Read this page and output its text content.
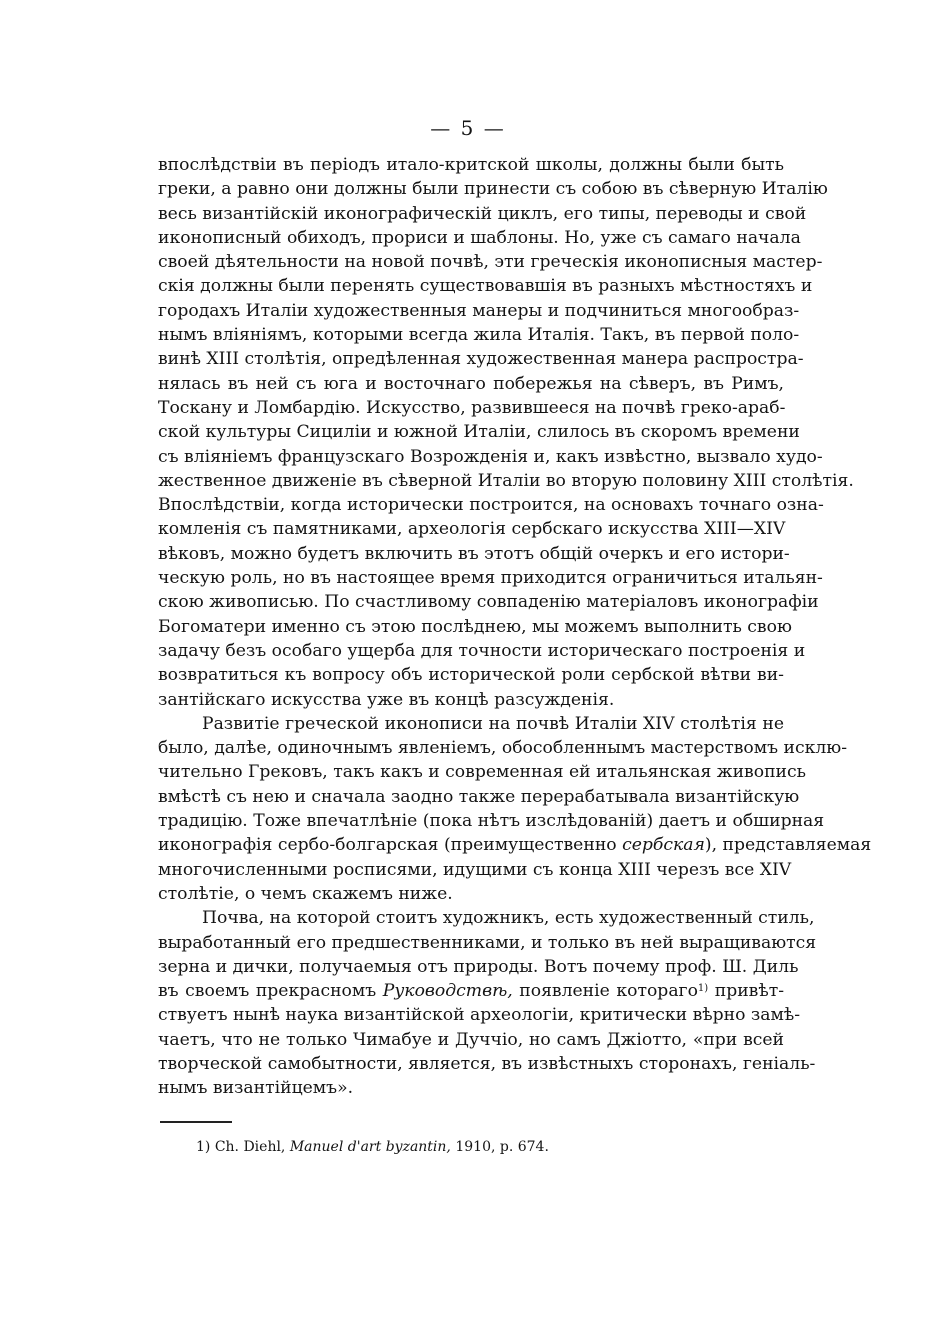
— 5 —
впослѣдствіи въ періодъ итало-критской школы, должны были быть
греки, а равно они должны были принести съ собою въ сѣверную Италію
весь византійскій иконографическій циклъ, его типы, переводы и свой
иконописный обиходъ, прориси и шаблоны. Но, уже съ самаго начала
своей дѣятельности на новой почвѣ, эти греческія иконописныя мастер-
скія должны были перенять существовавшія въ разныхъ мѣстностяхъ и
городахъ Италіи художественныя манеры и подчиниться многообраз-
нымъ вліяніямъ, которыми всегда жила Италія. Такъ, въ первой поло-
винѣ XIII столѣтія, опредѣленная художественная манера распростра-
нялась въ ней съ юга и восточнаго побережья на сѣверъ, въ Римъ,
Тоскану и Ломбардію. Искусство, развившееся на почвѣ греко-араб-
ской культуры Сициліи и южной Италіи, слилось въ скоромъ времени
съ вліяніемъ французскаго Возрожденія и, какъ извѣстно, вызвало худо-
жественное движеніе въ сѣверной Италіи во вторую половину XIII столѣтія.
Впослѣдствіи, когда исторически построится, на основахъ точнаго озна-
комленія съ памятниками, археологія сербскаго искусства XIII—XIV
вѣковъ, можно будетъ включить въ этотъ общій очеркъ и его истори-
ческую роль, но въ настоящее время приходится ограничиться итальян-
скою живописью. По счастливому совпаденію матеріаловъ иконографіи
Богоматери именно съ этою послѣднею, мы можемъ выполнить свою
задачу безъ особаго ущерба для точности историческаго построенія и
возвратиться къ вопросу объ исторической роли сербской вѣтви ви-
зантійскаго искусства уже въ концѣ разсужденія.
Развитіе греческой иконописи на почвѣ Италіи XIV столѣтія не
было, далѣе, одиночнымъ явленіемъ, обособленнымъ мастерствомъ исклю-
чительно Грековъ, такъ какъ и современная ей итальянская живопись
вмѣстѣ съ нею и сначала заодно также перерабатывала византійскую
традицію. Тоже впечатлѣніе (пока нѣтъ изслѣдованій) даетъ и обширная
иконографія сербо-болгарская (преимущественно сербская), представляемая
многочисленными росписями, идущими съ конца XIII черезъ все XIV
столѣтіе, о чемъ скажемъ ниже.
Почва, на которой стоитъ художникъ, есть художественный стиль,
выработанный его предшественниками, и только въ ней выращиваются
зерна и дички, получаемыя отъ природы. Вотъ почему проф. Ш. Диль
въ своемъ прекрасномъ Руководствѣ, появленіе котораго$^{1)}$ привѣт-
ствуетъ нынѣ наука византійской археологіи, критически вѣрно замѣ-
чаетъ, что не только Чимабуе и Дуччіо, но самъ Джіотто, «при всей
творческой самобытности, является, въ извѣстныхъ сторонахъ, геніаль-
нымъ византійцемъ».
1) Ch. Diehl, Manuel d'art byzantin, 1910, p. 674.
